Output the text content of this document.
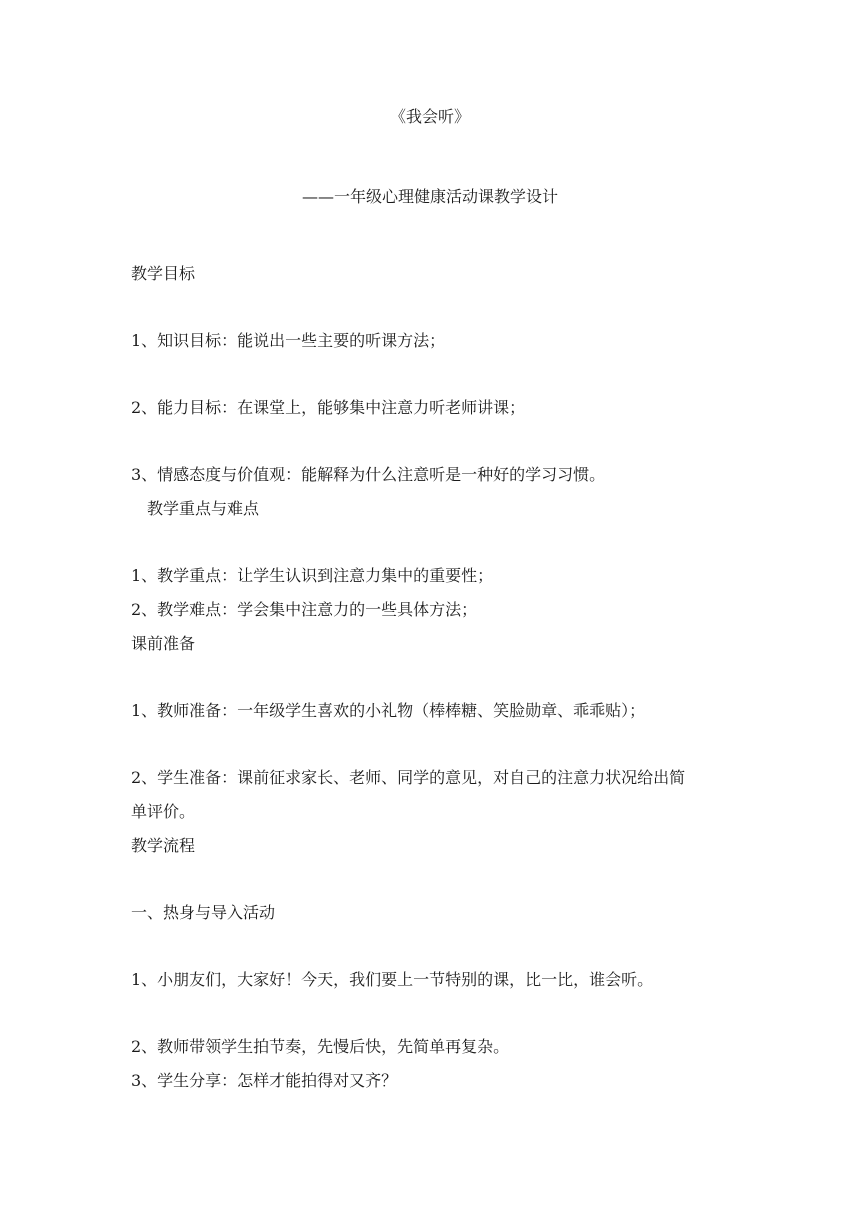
《我会听》
——一年级心理健康活动课教学设计
教学目标
1、知识目标：能说出一些主要的听课方法；
2、能力目标：在课堂上，能够集中注意力听老师讲课；
3、情感态度与价值观：能解释为什么注意听是一种好的学习习惯。
教学重点与难点
1、教学重点：让学生认识到注意力集中的重要性；
2、教学难点：学会集中注意力的一些具体方法；
课前准备
1、教师准备：一年级学生喜欢的小礼物（棒棒糖、笑脸勋章、乖乖贴）；
2、学生准备：课前征求家长、老师、同学的意见，对自己的注意力状况给出简
单评价。
教学流程
一、热身与导入活动
1、小朋友们，大家好！今天，我们要上一节特别的课，比一比，谁会听。
2、教师带领学生拍节奏，先慢后快，先简单再复杂。
3、学生分享：怎样才能拍得对又齐？
